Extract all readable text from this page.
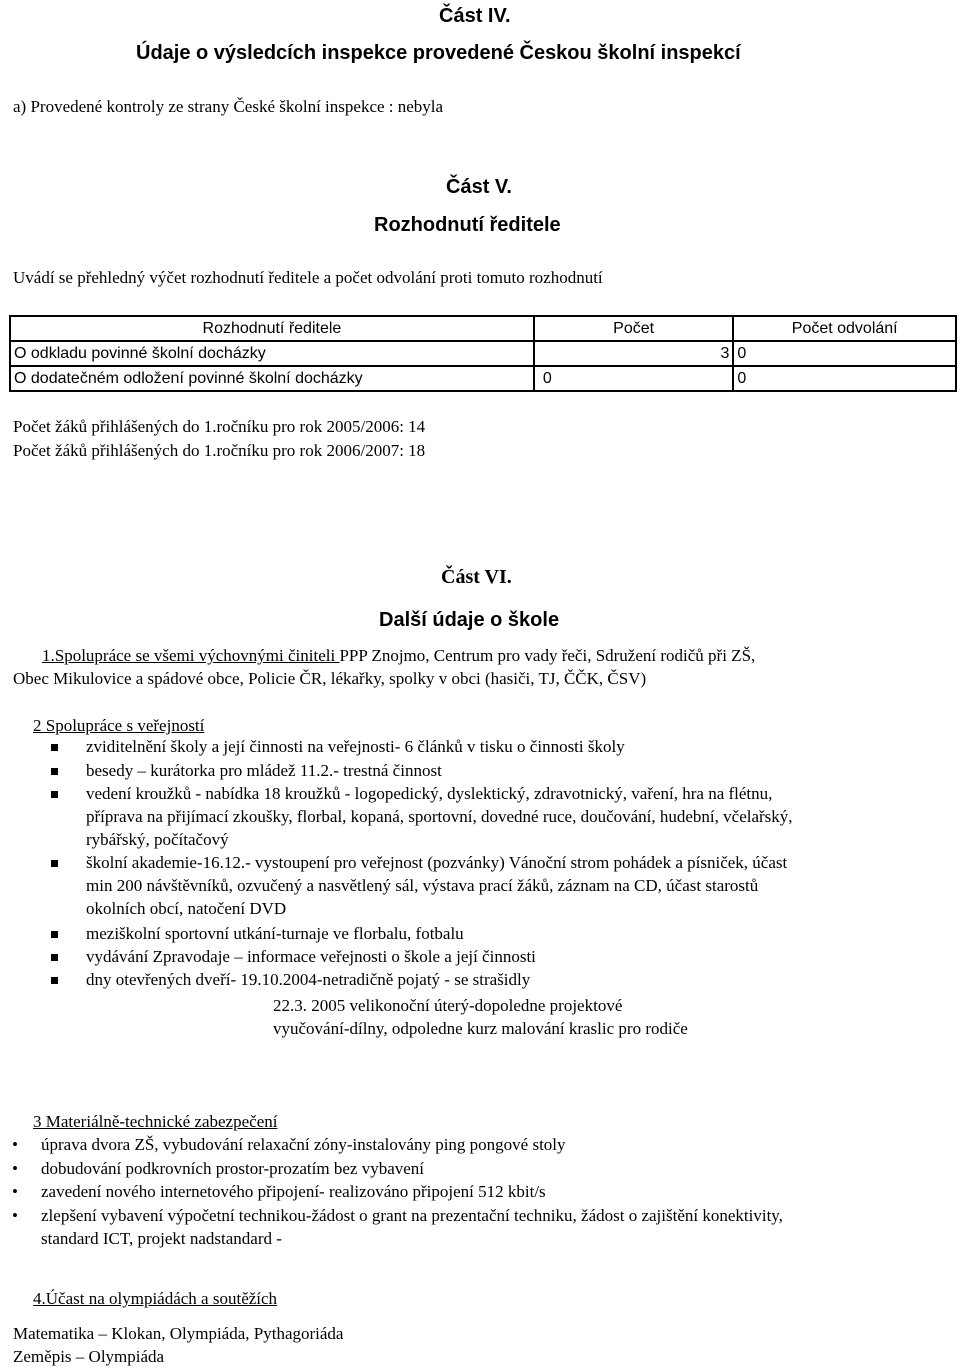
Část IV.
Údaje o výsledcích inspekce provedené Českou školní inspekcí
a) Provedené kontroly ze strany České školní inspekce : nebyla
Část V.
Rozhodnutí ředitele
Uvádí se přehledný výčet rozhodnutí ředitele a počet odvolání proti tomuto rozhodnutí
Rozhodnutí ředitele	Počet	Počet odvolání
O odkladu povinné školní docházky	3	0
O dodatečném odložení povinné školní docházky	0	0
Počet žáků přihlášených do 1.ročníku pro rok 2005/2006: 14
Počet žáků přihlášených do 1.ročníku pro rok 2006/2007: 18
Část VI.
Další údaje o škole
1.Spolupráce se všemi výchovnými činiteli PPP Znojmo, Centrum pro vady řeči, Sdružení rodičů při ZŠ,
Obec Mikulovice a spádové obce, Policie ČR, lékařky, spolky v obci (hasiči, TJ, ČČK, ČSV)
2 Spolupráce s veřejností
zviditelnění školy a její činnosti na veřejnosti- 6 článků v tisku o činnosti školy
besedy – kurátorka pro mládež 11.2.- trestná činnost
vedení kroužků - nabídka 18 kroužků - logopedický, dyslektický, zdravotnický, vaření, hra na flétnu,
příprava na přijímací zkoušky, florbal, kopaná, sportovní, dovedné ruce, doučování, hudební, včelařský,
rybářský, počítačový
školní akademie-16.12.- vystoupení pro veřejnost (pozvánky) Vánoční strom pohádek a písniček, účast
min 200 návštěvníků, ozvučený a nasvětlený sál, výstava prací žáků, záznam na CD, účast starostů
okolních obcí, natočení DVD
meziškolní sportovní utkání-turnaje ve florbalu, fotbalu
vydávání Zpravodaje – informace veřejnosti o škole a její činnosti
dny otevřených dveří- 19.10.2004-netradičně pojatý - se strašidly
22.3. 2005 velikonoční úterý-dopoledne projektové
vyučování-dílny, odpoledne kurz malování kraslic pro rodiče
3 Materiálně-technické zabezpečení
• úprava dvora ZŠ, vybudování relaxační zóny-instalovány ping pongové stoly
• dobudování podkrovních prostor-prozatím bez vybavení
• zavedení nového internetového připojení- realizováno připojení 512 kbit/s
• zlepšení vybavení výpočetní technikou-žádost o grant na prezentační techniku, žádost o zajištění konektivity,
standard ICT, projekt nadstandard -
4.Účast na olympiádách a soutěžích
Matematika – Klokan, Olympiáda, Pythagoriáda
Zeměpis – Olympiáda
